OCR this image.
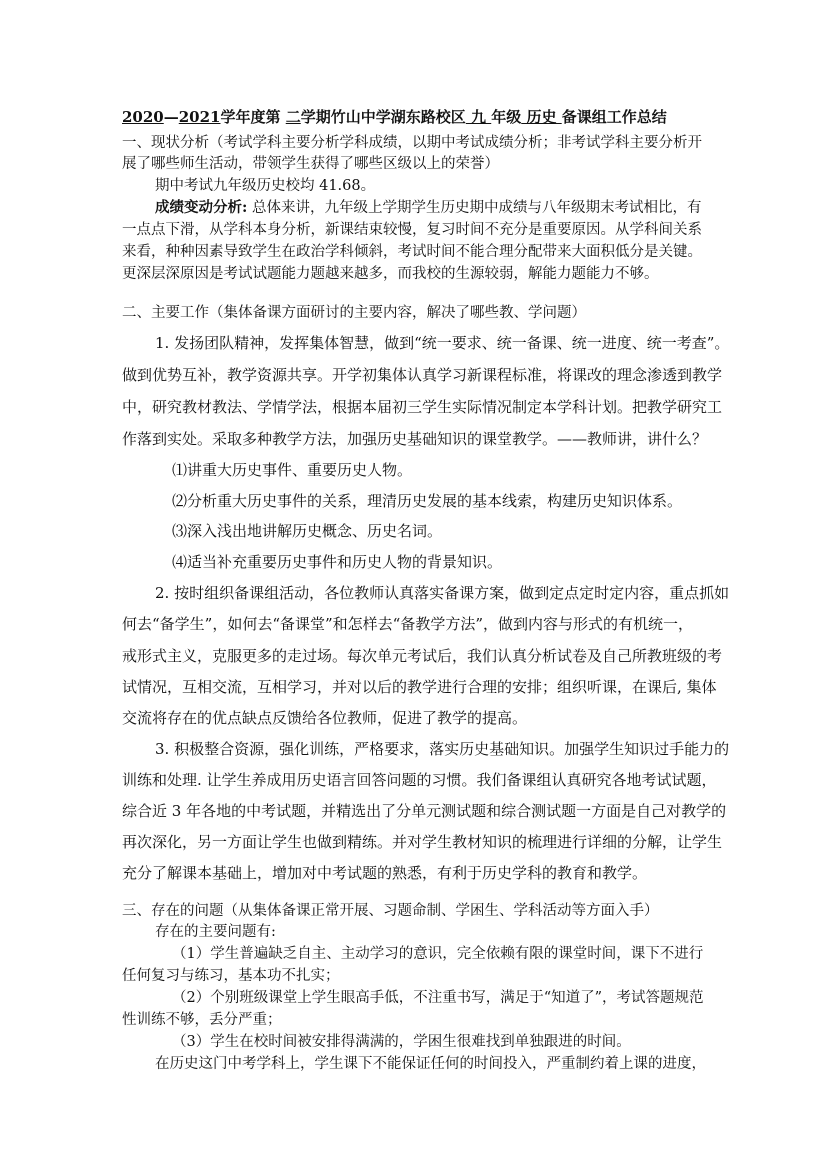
2020—2021学年度第 二学期竹山中学湖东路校区 九 年级 历史 备课组工作总结
一、现状分析（考试学科主要分析学科成绩，以期中考试成绩分析；非考试学科主要分析开
展了哪些师生活动，带领学生获得了哪些区级以上的荣誉）
期中考试九年级历史校均 41.68。
成绩变动分析: 总体来讲，九年级上学期学生历史期中成绩与八年级期末考试相比，有
一点点下滑，从学科本身分析，新课结束较慢，复习时间不充分是重要原因。从学科间关系
来看，种种因素导致学生在政治学科倾斜，考试时间不能合理分配带来大面积低分是关键。
更深层深原因是考试试题能力题越来越多，而我校的生源较弱，解能力题能力不够。
二、主要工作（集体备课方面研讨的主要内容，解决了哪些教、学问题）
1. 发扬团队精神，发挥集体智慧，做到“统一要求、统一备课、统一进度、统一考查”。
做到优势互补，教学资源共享。开学初集体认真学习新课程标准，将课改的理念渗透到教学
中，研究教材教法、学情学法，根据本届初三学生实际情况制定本学科计划。把教学研究工
作落到实处。采取多种教学方法，加强历史基础知识的课堂教学。——教师讲，讲什么？
⑴讲重大历史事件、重要历史人物。
⑵分析重大历史事件的关系，理清历史发展的基本线索，构建历史知识体系。
⑶深入浅出地讲解历史概念、历史名词。
⑷适当补充重要历史事件和历史人物的背景知识。
2. 按时组织备课组活动，各位教师认真落实备课方案，做到定点定时定内容，重点抓如
何去“备学生”，如何去“备课堂”和怎样去“备教学方法”，做到内容与形式的有机统一，
戒形式主义，克服更多的走过场。每次单元考试后，我们认真分析试卷及自己所教班级的考
试情况，互相交流，互相学习，并对以后的教学进行合理的安排；组织听课，在课后, 集体
交流将存在的优点缺点反馈给各位教师，促进了教学的提高。
3. 积极整合资源，强化训练，严格要求，落实历史基础知识。加强学生知识过手能力的
训练和处理. 让学生养成用历史语言回答问题的习惯。我们备课组认真研究各地考试试题，
综合近 3 年各地的中考试题，并精选出了分单元测试题和综合测试题一方面是自己对教学的
再次深化，另一方面让学生也做到精练。并对学生教材知识的梳理进行详细的分解，让学生
充分了解课本基础上，增加对中考试题的熟悉，有利于历史学科的教育和教学。
三、存在的问题（从集体备课正常开展、习题命制、学困生、学科活动等方面入手）
存在的主要问题有:
（1）学生普遍缺乏自主、主动学习的意识，完全依赖有限的课堂时间，课下不进行
任何复习与练习，基本功不扎实；
（2）个别班级课堂上学生眼高手低，不注重书写，满足于“知道了”，考试答题规范
性训练不够，丢分严重；
（3）学生在校时间被安排得满满的，学困生很难找到单独跟进的时间。
在历史这门中考学科上，学生课下不能保证任何的时间投入，严重制约着上课的进度，
